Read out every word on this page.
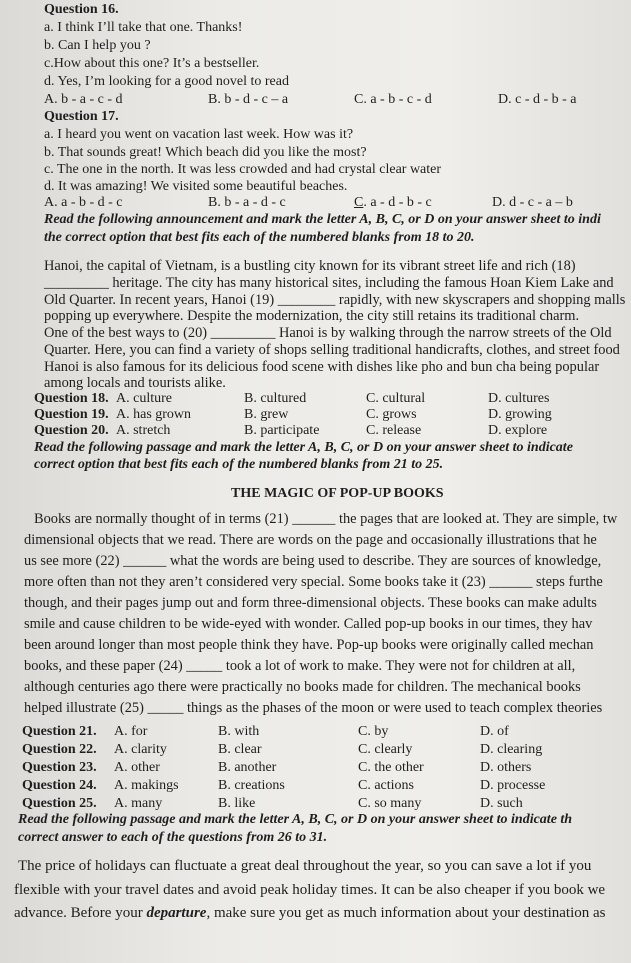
Question 16.
a. I think I’ll take that one. Thanks!
b. Can I help you ?
c.How about this one? It’s a bestseller.
d. Yes, I’m looking for a good novel to read
A. b - a - c - d	B. b - d - c – a	C. a - b - c - d	D. c - d - b - a
Question 17.
a. I heard you went on vacation last week. How was it?
b. That sounds great! Which beach did you like the most?
c. The one in the north. It was less crowded and had crystal clear water
d. It was amazing! We visited some beautiful beaches.
A. a - b - d - c	B. b - a - d - c	C. a - d - b - c	D. d - c - a – b
Read the following announcement and mark the letter A, B, C, or D on your answer sheet to indi
the correct option that best fits each of the numbered blanks from 18 to 20.
Hanoi, the capital of Vietnam, is a bustling city known for its vibrant street life and rich (18)
_________ heritage. The city has many historical sites, including the famous Hoan Kiem Lake and
Old Quarter. In recent years, Hanoi (19) ________ rapidly, with new skyscrapers and shopping malls
popping up everywhere. Despite the modernization, the city still retains its traditional charm.
One of the best ways to (20) _________ Hanoi is by walking through the narrow streets of the Old
Quarter. Here, you can find a variety of shops selling traditional handicrafts, clothes, and street food
Hanoi is also famous for its delicious food scene with dishes like pho and bun cha being popular
among locals and tourists alike.
Question 18. A. culture	B. cultured	C. cultural	D. cultures
Question 19. A. has grown	B. grew	C. grows	D. growing
Question 20. A. stretch	B. participate	C. release	D. explore
Read the following passage and mark the letter A, B, C, or D on your answer sheet to indicate
correct option that best fits each of the numbered blanks from 21 to 25.
THE MAGIC OF POP-UP BOOKS
Books are normally thought of in terms (21) ______ the pages that are looked at. They are simple, tw
dimensional objects that we read. There are words on the page and occasionally illustrations that he
us see more (22) ______ what the words are being used to describe. They are sources of knowledge,
more often than not they aren’t considered very special. Some books take it (23) ______ steps furthe
though, and their pages jump out and form three-dimensional objects. These books can make adults
smile and cause children to be wide-eyed with wonder. Called pop-up books in our times, they hav
been around longer than most people think they have. Pop-up books were originally called mechan
books, and these paper (24) _____ took a lot of work to make. They were not for children at all,
although centuries ago there were practically no books made for children. The mechanical books
helped illustrate (25) _____ things as the phases of the moon or were used to teach complex theories
Question 21. A. for	B. with	C. by	D. of
Question 22. A. clarity	B. clear	C. clearly	D. clearing
Question 23. A. other	B. another	C. the other	D. others
Question 24. A. makings	B. creations	C. actions	D. processe
Question 25. A. many	B. like	C. so many	D. such
Read the following passage and mark the letter A, B, C, or D on your answer sheet to indicate th
correct answer to each of the questions from 26 to 31.
The price of holidays can fluctuate a great deal throughout the year, so you can save a lot if you
flexible with your travel dates and avoid peak holiday times. It can be also cheaper if you book we
advance. Before your departure, make sure you get as much information about your destination as
